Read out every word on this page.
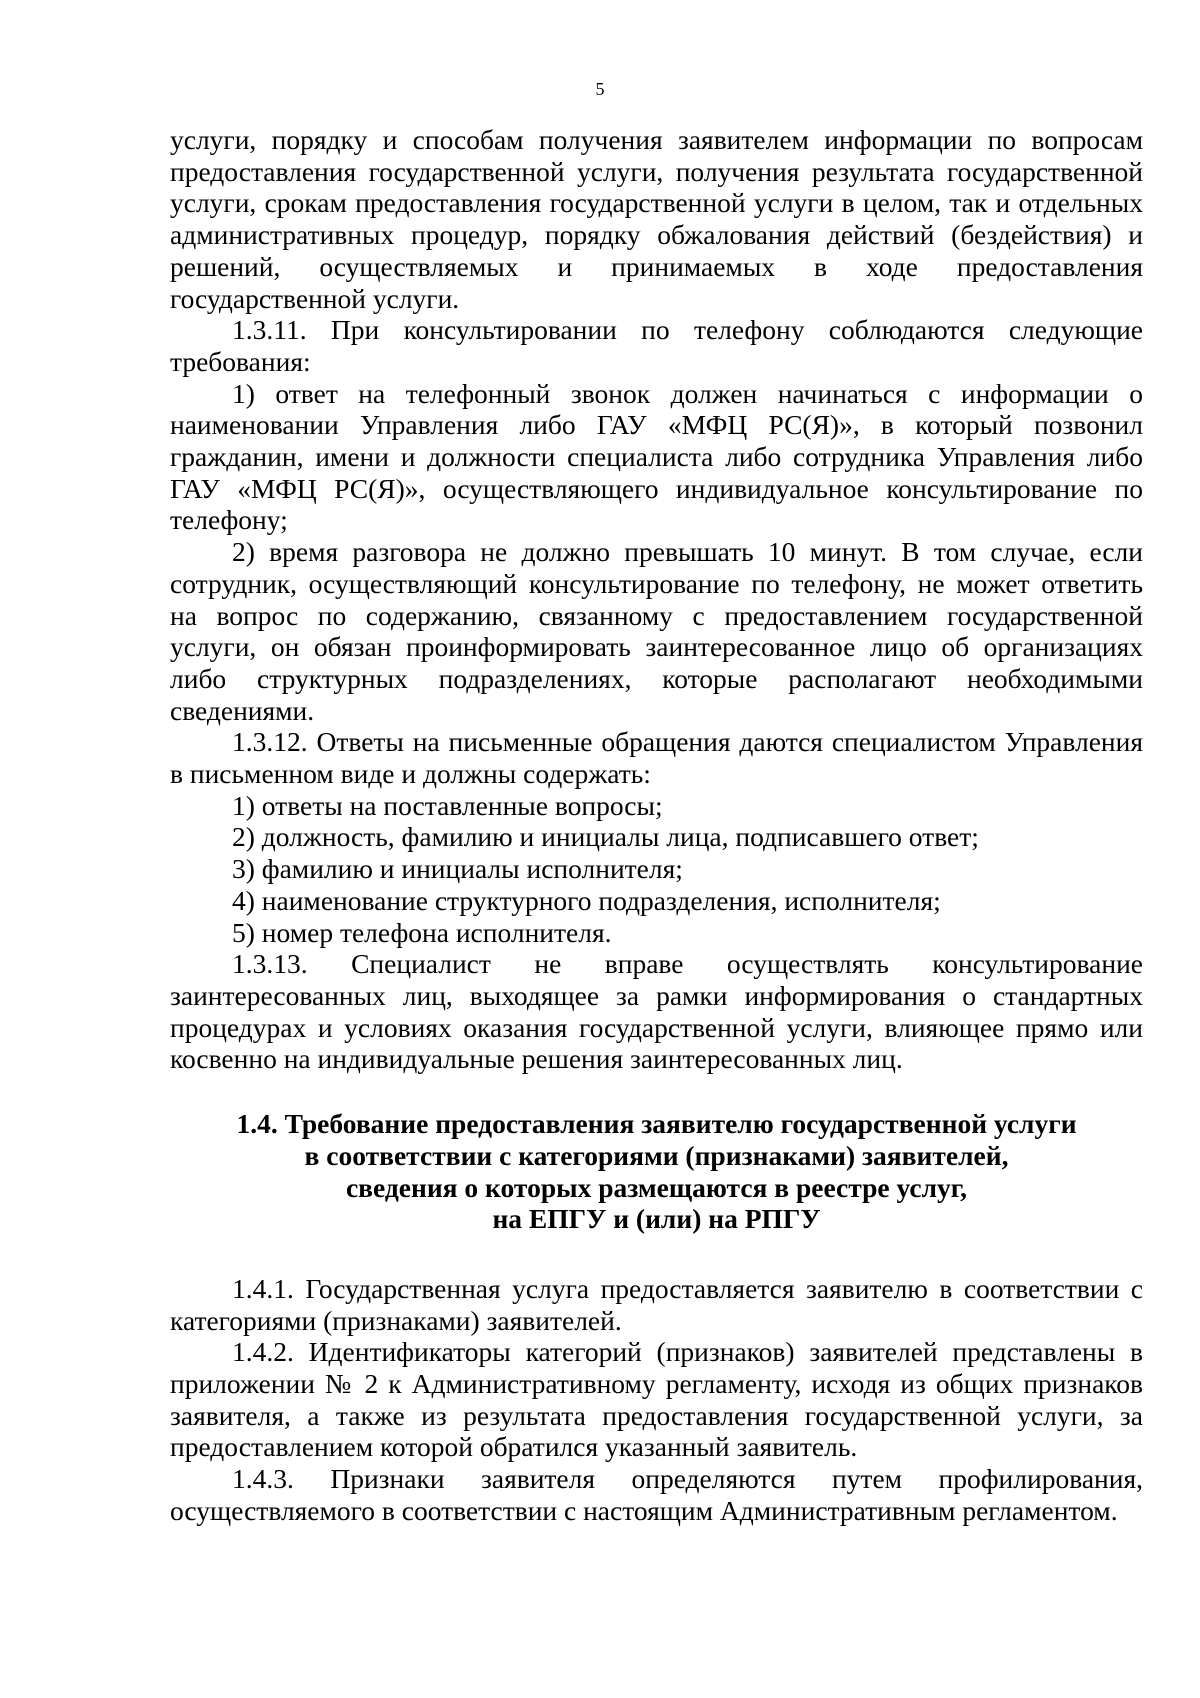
5

услуги, порядку и способам получения заявителем информации по вопросам предоставления государственной услуги, получения результата государственной услуги, срокам предоставления государственной услуги в целом, так и отдельных административных процедур, порядку обжалования действий (бездействия) и решений, осуществляемых и принимаемых в ходе предоставления государственной услуги.

1.3.11. При консультировании по телефону соблюдаются следующие требования:

1) ответ на телефонный звонок должен начинаться с информации о наименовании Управления либо ГАУ «МФЦ РС(Я)», в который позвонил гражданин, имени и должности специалиста либо сотрудника Управления либо ГАУ «МФЦ РС(Я)», осуществляющего индивидуальное консультирование по телефону;

2) время разговора не должно превышать 10 минут. В том случае, если сотрудник, осуществляющий консультирование по телефону, не может ответить на вопрос по содержанию, связанному с предоставлением государственной услуги, он обязан проинформировать заинтересованное лицо об организациях либо структурных подразделениях, которые располагают необходимыми сведениями.

1.3.12. Ответы на письменные обращения даются специалистом Управления в письменном виде и должны содержать:

1) ответы на поставленные вопросы;

2) должность, фамилию и инициалы лица, подписавшего ответ;

3) фамилию и инициалы исполнителя;

4) наименование структурного подразделения, исполнителя;

5) номер телефона исполнителя.

1.3.13. Специалист не вправе осуществлять консультирование заинтересованных лиц, выходящее за рамки информирования о стандартных процедурах и условиях оказания государственной услуги, влияющее прямо или косвенно на индивидуальные решения заинтересованных лиц.

1.4. Требование предоставления заявителю государственной услуги
в соответствии с категориями (признаками) заявителей,
сведения о которых размещаются в реестре услуг,
на ЕПГУ и (или) на РПГУ

1.4.1. Государственная услуга предоставляется заявителю в соответствии с категориями (признаками) заявителей.

1.4.2. Идентификаторы категорий (признаков) заявителей представлены в приложении № 2 к Административному регламенту, исходя из общих признаков заявителя, а также из результата предоставления государственной услуги, за предоставлением которой обратился указанный заявитель.

1.4.3. Признаки заявителя определяются путем профилирования, осуществляемого в соответствии с настоящим Административным регламентом.
